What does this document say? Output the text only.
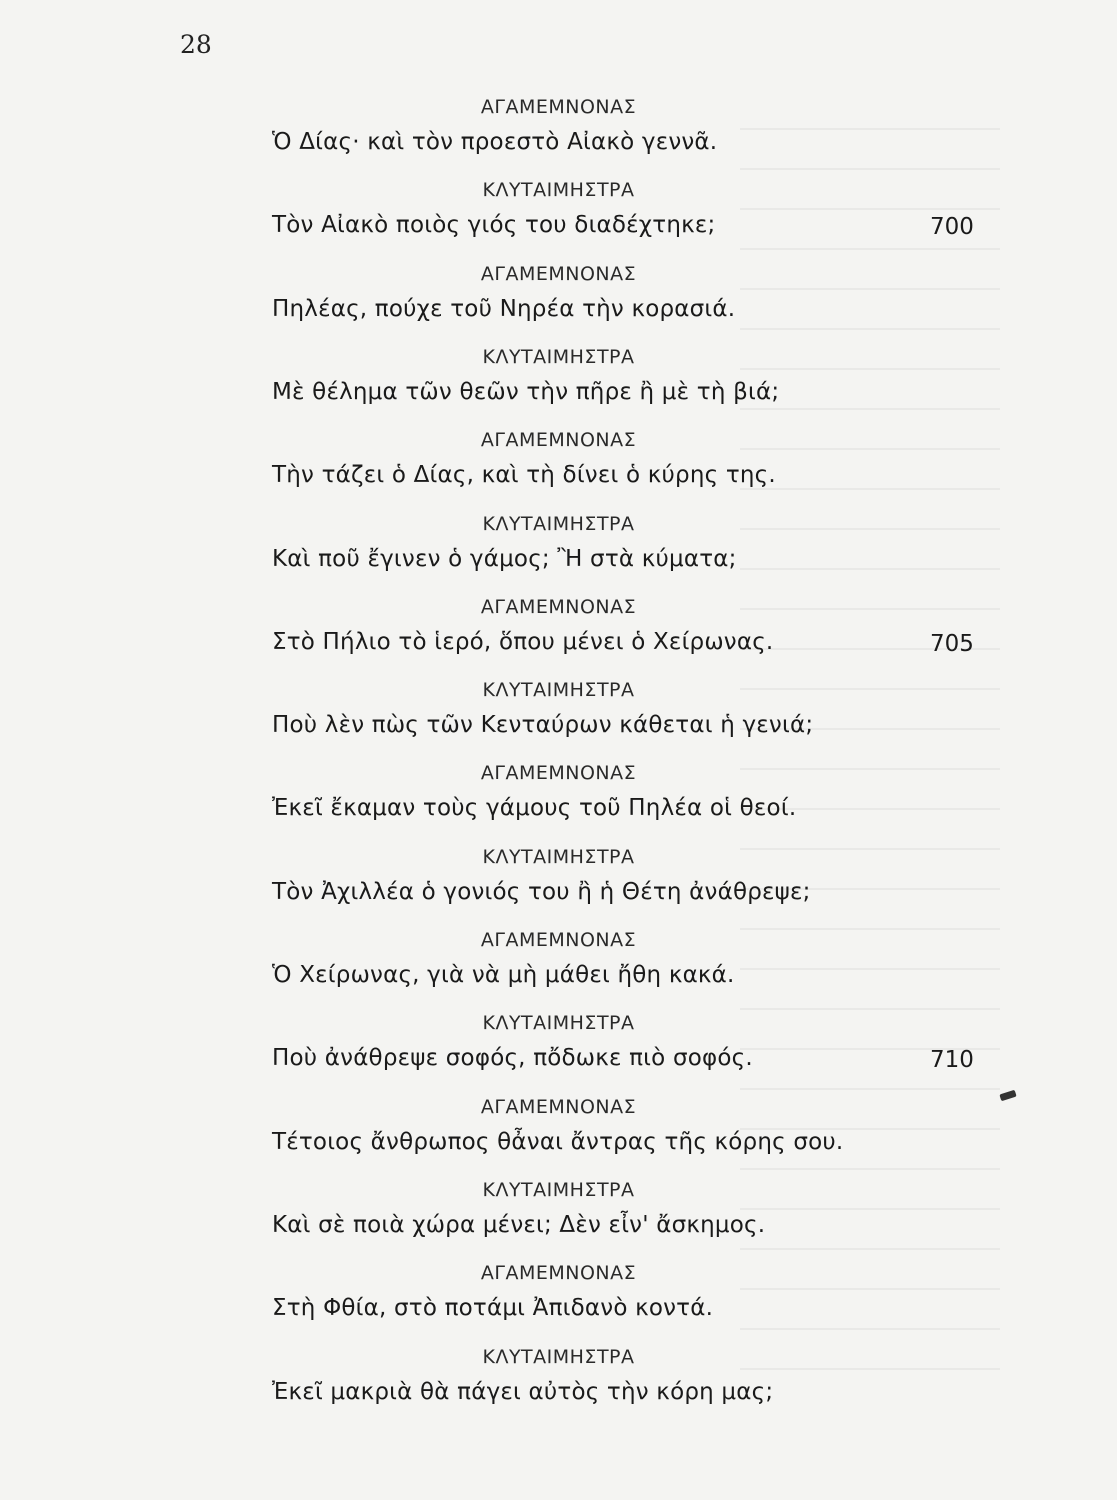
28
ΑΓΑΜΕΜΝΟΝΑΣ
Ὁ Δίας· καὶ τὸν προεστὸ Αἰακὸ γεννᾶ.
ΚΛΥΤΑΙΜΗΣΤΡΑ
700
Τὸν Αἰακὸ ποιὸς γιός του διαδέχτηκε;
ΑΓΑΜΕΜΝΟΝΑΣ
Πηλέας, πούχε τοῦ Νηρέα τὴν κορασιά.
ΚΛΥΤΑΙΜΗΣΤΡΑ
Μὲ θέλημα τῶν θεῶν τὴν πῆρε ἢ μὲ τὴ βιά;
ΑΓΑΜΕΜΝΟΝΑΣ
Τὴν τάζει ὁ Δίας, καὶ τὴ δίνει ὁ κύρης της.
ΚΛΥΤΑΙΜΗΣΤΡΑ
Καὶ ποῦ ἔγινεν ὁ γάμος; Ἢ στὰ κύματα;
ΑΓΑΜΕΜΝΟΝΑΣ
705
Στὸ Πήλιο τὸ ἱερό, ὅπου μένει ὁ Χείρωνας.
ΚΛΥΤΑΙΜΗΣΤΡΑ
Ποὺ λὲν πὼς τῶν Κενταύρων κάθεται ἡ γενιά;
ΑΓΑΜΕΜΝΟΝΑΣ
Ἐκεῖ ἔκαμαν τοὺς γάμους τοῦ Πηλέα οἱ θεοί.
ΚΛΥΤΑΙΜΗΣΤΡΑ
Τὸν Ἀχιλλέα ὁ γονιός του ἢ ἡ Θέτη ἀνάθρεψε;
ΑΓΑΜΕΜΝΟΝΑΣ
Ὁ Χείρωνας, γιὰ νὰ μὴ μάθει ἤθη κακά.
ΚΛΥΤΑΙΜΗΣΤΡΑ
710
Ποὺ ἀνάθρεψε σοφός, πὄδωκε πιὸ σοφός.
ΑΓΑΜΕΜΝΟΝΑΣ
Τέτοιος ἄνθρωπος θἆναι ἄντρας τῆς κόρης σου.
ΚΛΥΤΑΙΜΗΣΤΡΑ
Καὶ σὲ ποιὰ χώρα μένει; Δὲν εἶν' ἄσκημος.
ΑΓΑΜΕΜΝΟΝΑΣ
Στὴ Φθία, στὸ ποτάμι Ἀπιδανὸ κοντά.
ΚΛΥΤΑΙΜΗΣΤΡΑ
Ἐκεῖ μακριὰ θὰ πάγει αὐτὸς τὴν κόρη μας;
